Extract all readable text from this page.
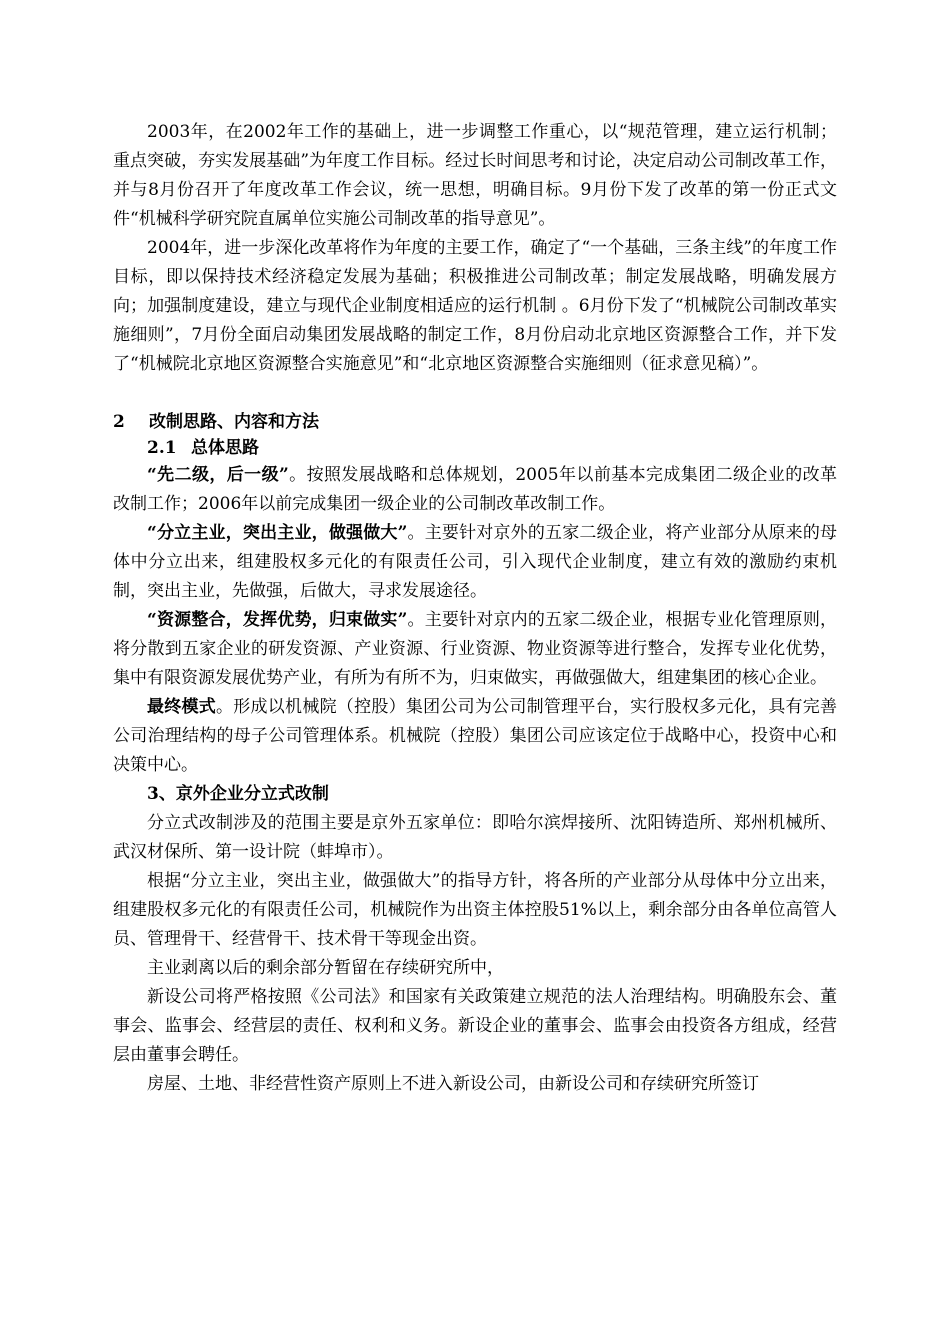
2003年，在2002年工作的基础上，进一步调整工作重心，以“规范管理，建立运行机制；重点突破，夯实发展基础”为年度工作目标。经过长时间思考和讨论，决定启动公司制改革工作，并与8月份召开了年度改革工作会议，统一思想，明确目标。9月份下发了改革的第一份正式文件“机械科学研究院直属单位实施公司制改革的指导意见”。

2004年，进一步深化改革将作为年度的主要工作，确定了“一个基础，三条主线”的年度工作目标，即以保持技术经济稳定发展为基础；积极推进公司制改革；制定发展战略，明确发展方向；加强制度建设，建立与现代企业制度相适应的运行机制 。6月份下发了“机械院公司制改革实施细则”，7月份全面启动集团发展战略的制定工作，8月份启动北京地区资源整合工作，并下发了“机械院北京地区资源整合实施意见”和“北京地区资源整合实施细则（征求意见稿）”。

2 改制思路、内容和方法

2.1 总体思路

“先二级，后一级”。按照发展战略和总体规划，2005年以前基本完成集团二级企业的改革改制工作；2006年以前完成集团一级企业的公司制改革改制工作。

“分立主业，突出主业，做强做大”。主要针对京外的五家二级企业，将产业部分从原来的母体中分立出来，组建股权多元化的有限责任公司，引入现代企业制度，建立有效的激励约束机制，突出主业，先做强，后做大，寻求发展途径。

“资源整合，发挥优势，归束做实”。主要针对京内的五家二级企业，根据专业化管理原则，将分散到五家企业的研发资源、产业资源、行业资源、物业资源等进行整合，发挥专业化优势，集中有限资源发展优势产业，有所为有所不为，归束做实，再做强做大，组建集团的核心企业。

最终模式。形成以机械院（控股）集团公司为公司制管理平台，实行股权多元化，具有完善公司治理结构的母子公司管理体系。机械院（控股）集团公司应该定位于战略中心，投资中心和决策中心。

3、京外企业分立式改制

分立式改制涉及的范围主要是京外五家单位：即哈尔滨焊接所、沈阳铸造所、郑州机械所、武汉材保所、第一设计院（蚌埠市）。

根据“分立主业，突出主业，做强做大”的指导方针，将各所的产业部分从母体中分立出来，组建股权多元化的有限责任公司，机械院作为出资主体控股51%以上，剩余部分由各单位高管人员、管理骨干、经营骨干、技术骨干等现金出资。

主业剥离以后的剩余部分暂留在存续研究所中，

新设公司将严格按照《公司法》和国家有关政策建立规范的法人治理结构。明确股东会、董事会、监事会、经营层的责任、权利和义务。新设企业的董事会、监事会由投资各方组成，经营层由董事会聘任。

房屋、土地、非经营性资产原则上不进入新设公司，由新设公司和存续研究所签订
